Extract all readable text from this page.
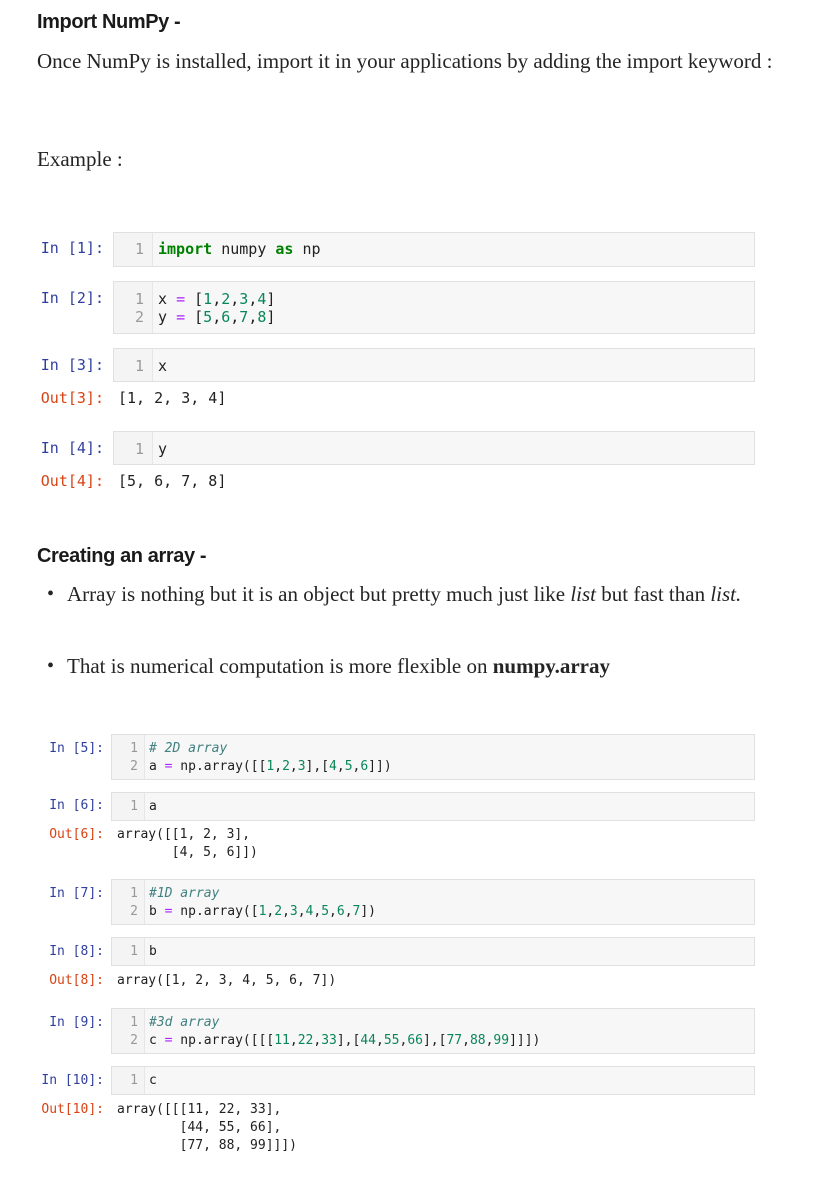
Import NumPy -

Once NumPy is installed, import it in your applications by adding the import keyword :

Example :

In [1]:	1 import numpy as np
In [2]:	1
2
x = [1,2,3,4]
y = [5,6,7,8]
In [3]:	1 x
Out[3]: [1, 2, 3, 4]
In [4]:	1 y
Out[4]: [5, 6, 7, 8]
Creating an array -

• Array is nothing but it is an object but pretty much just like list but fast than list.

• That is numerical computation is more flexible on numpy.array

In [5]:	1
2
# 2D array
a = np.array([[1,2,3],[4,5,6]])
In [6]:	1 a
Out[6]: array([[1, 2, 3],
[4, 5, 6]])
In [7]:	1
2
#1D array
b = np.array([1,2,3,4,5,6,7])
In [8]:	1 b
Out[8]: array([1, 2, 3, 4, 5, 6, 7])
In [9]:	1
2
#3d array
c = np.array([[[11,22,33],[44,55,66],[77,88,99]]])
In [10]:	1 c
Out[10]: array([[[11, 22, 33],
[44, 55, 66],
[77, 88, 99]]])
